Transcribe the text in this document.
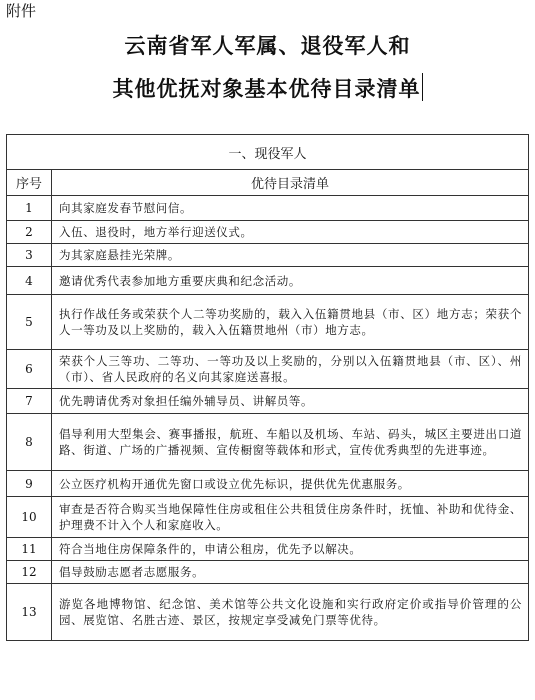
附件
云南省军人军属、退役军人和
其他优抚对象基本优待目录清单
一、现役军人	
序号	优待目录清单
1	向其家庭发春节慰问信。
2	入伍、退役时，地方举行迎送仪式。
3	为其家庭悬挂光荣牌。
4	邀请优秀代表参加地方重要庆典和纪念活动。
5	执行作战任务或荣获个人二等功奖励的，载入入伍籍贯地县（市、区）地方志；荣获个人一等功及以上奖励的，载入入伍籍贯地州（市）地方志。
6	荣获个人三等功、二等功、一等功及以上奖励的，分别以入伍籍贯地县（市、区）、州（市）、省人民政府的名义向其家庭送喜报。
7	优先聘请优秀对象担任编外辅导员、讲解员等。
8	倡导利用大型集会、赛事播报，航班、车船以及机场、车站、码头，城区主要进出口道路、街道、广场的广播视频、宣传橱窗等载体和形式，宣传优秀典型的先进事迹。
9	公立医疗机构开通优先窗口或设立优先标识，提供优先优惠服务。
10	审查是否符合购买当地保障性住房或租住公共租赁住房条件时，抚恤、补助和优待金、护理费不计入个人和家庭收入。
11	符合当地住房保障条件的，申请公租房，优先予以解决。
12	倡导鼓励志愿者志愿服务。
13	游览各地博物馆、纪念馆、美术馆等公共文化设施和实行政府定价或指导价管理的公园、展览馆、名胜古迹、景区，按规定享受减免门票等优待。
